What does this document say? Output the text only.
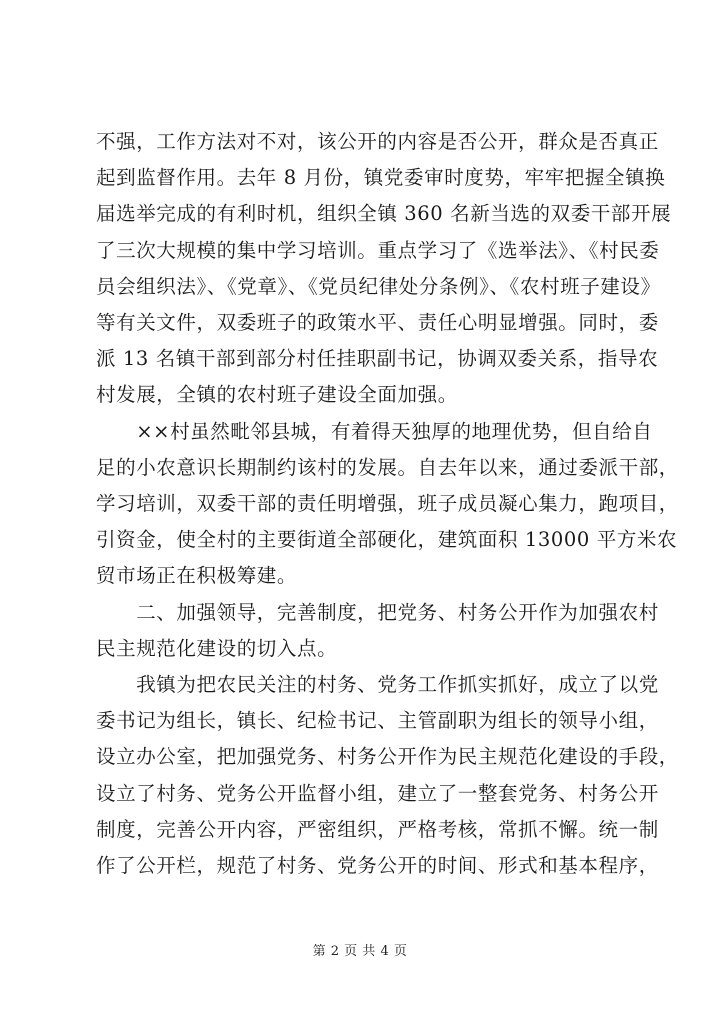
不强，工作方法对不对，该公开的内容是否公开，群众是否真正
起到监督作用。去年 8 月份，镇党委审时度势，牢牢把握全镇换
届选举完成的有利时机，组织全镇 360 名新当选的双委干部开展
了三次大规模的集中学习培训。重点学习了《选举法》、《村民委
员会组织法》、《党章》、《党员纪律处分条例》、《农村班子建设》
等有关文件，双委班子的政策水平、责任心明显增强。同时，委
派 13 名镇干部到部分村任挂职副书记，协调双委关系，指导农
村发展，全镇的农村班子建设全面加强。
　　××村虽然毗邻县城，有着得天独厚的地理优势，但自给自
足的小农意识长期制约该村的发展。自去年以来，通过委派干部，
学习培训，双委干部的责任明增强，班子成员凝心集力，跑项目，
引资金，使全村的主要街道全部硬化，建筑面积 13000 平方米农
贸市场正在积极筹建。
　　二、加强领导，完善制度，把党务、村务公开作为加强农村
民主规范化建设的切入点。
　　我镇为把农民关注的村务、党务工作抓实抓好，成立了以党
委书记为组长，镇长、纪检书记、主管副职为组长的领导小组，
设立办公室，把加强党务、村务公开作为民主规范化建设的手段，
设立了村务、党务公开监督小组，建立了一整套党务、村务公开
制度，完善公开内容，严密组织，严格考核，常抓不懈。统一制
作了公开栏，规范了村务、党务公开的时间、形式和基本程序，
第 2 页 共 4 页
